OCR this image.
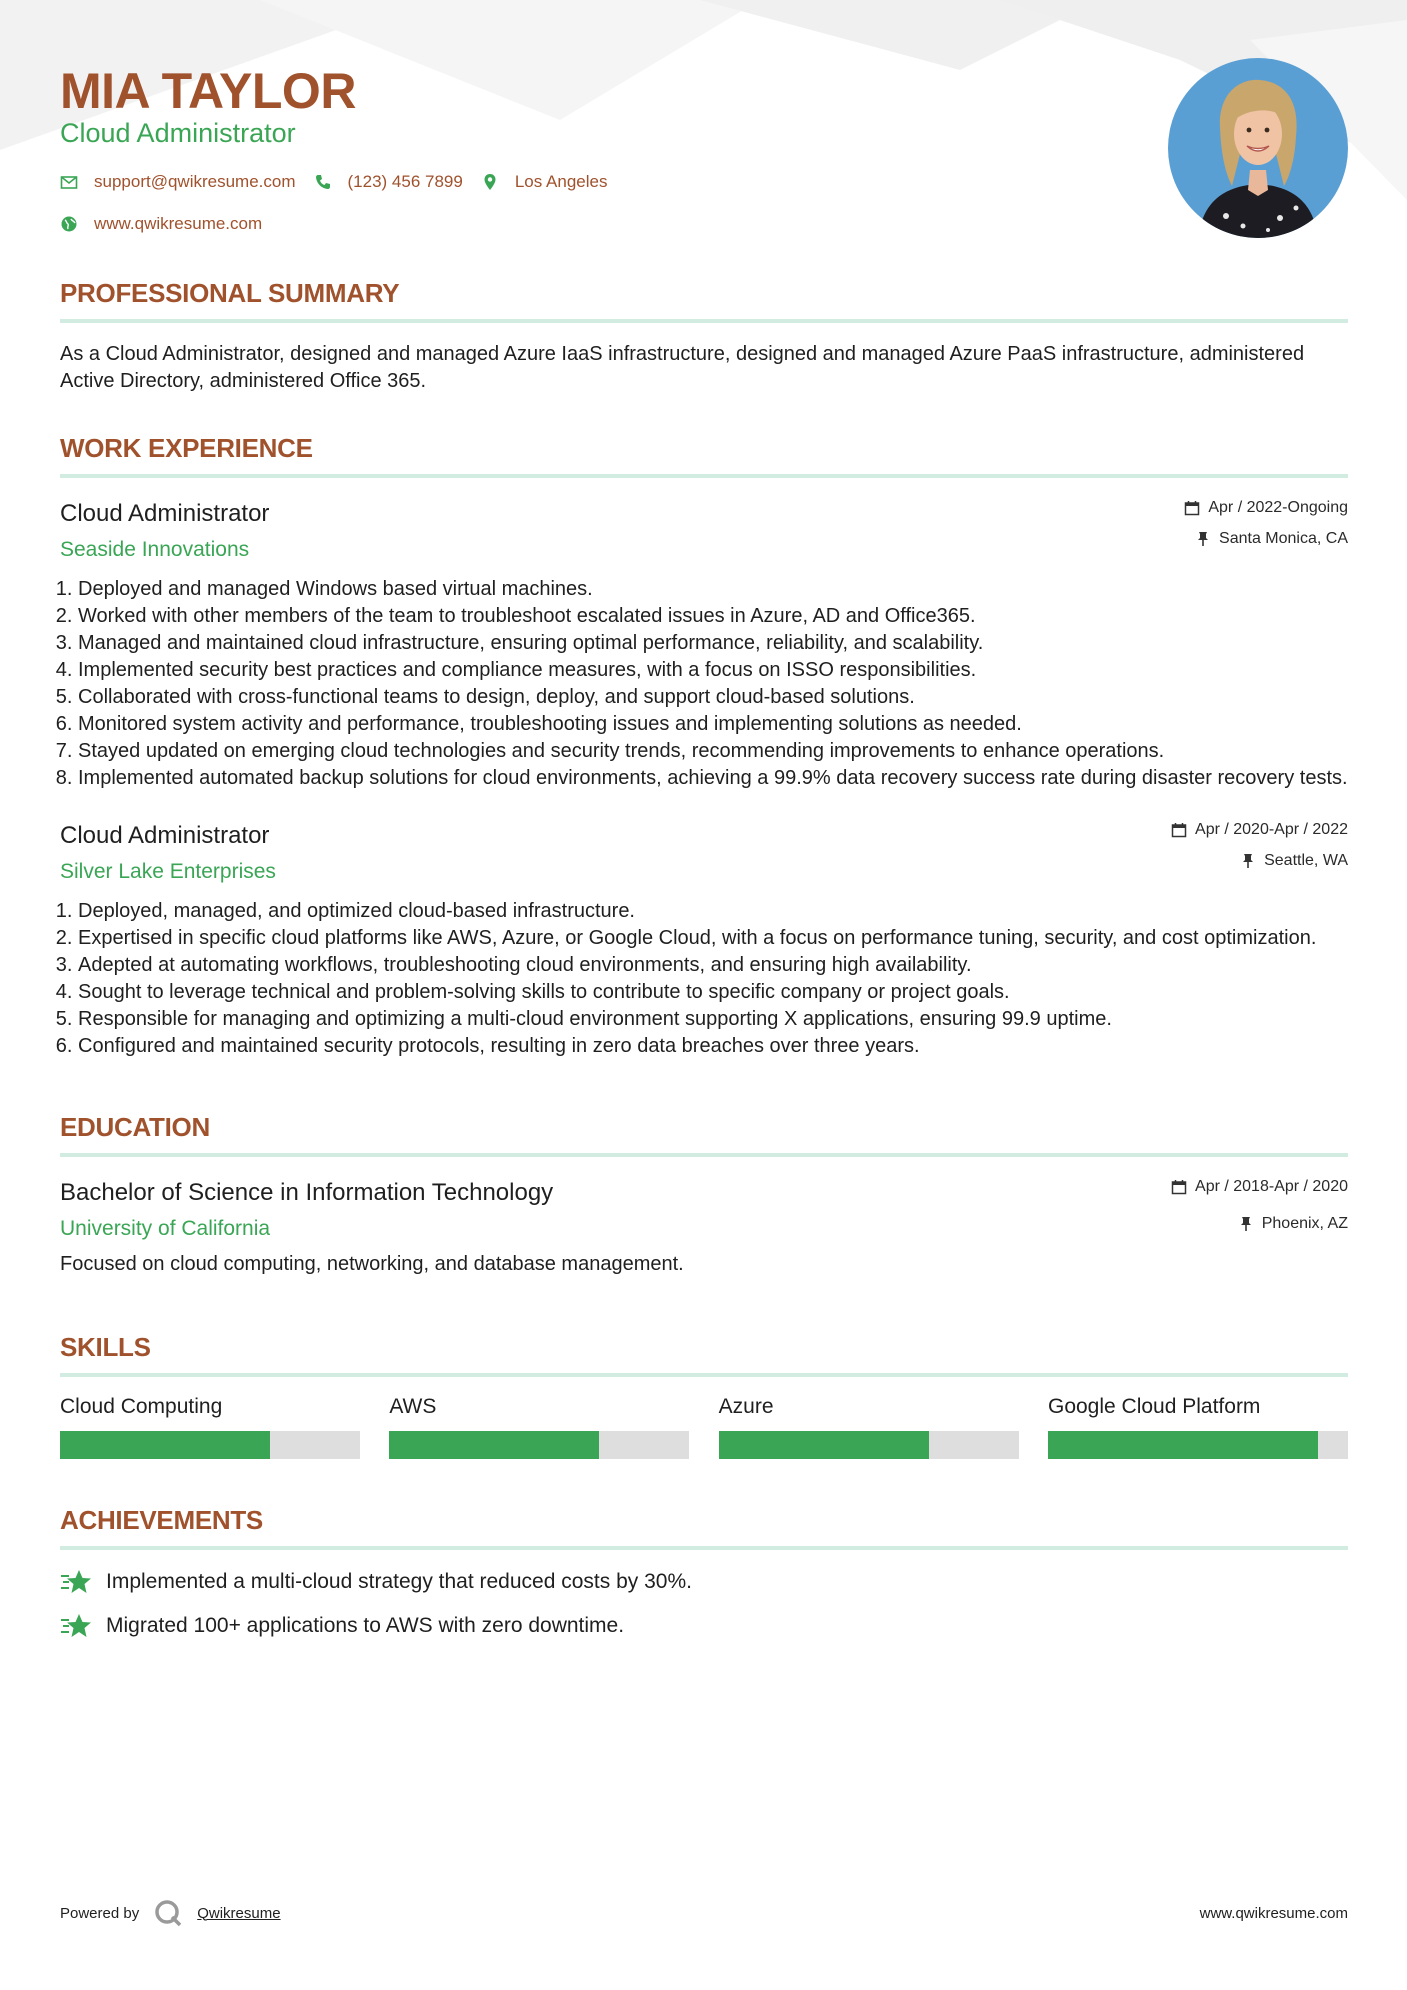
MIA TAYLOR
Cloud Administrator
support@qwikresume.com	(123) 456 7899	Los Angeles
www.qwikresume.com
PROFESSIONAL SUMMARY
As a Cloud Administrator, designed and managed Azure IaaS infrastructure, designed and managed Azure PaaS infrastructure, administered Active Directory, administered Office 365.
WORK EXPERIENCE
Cloud Administrator
Seaside Innovations
Apr / 2022-Ongoing
Santa Monica, CA
1. Deployed and managed Windows based virtual machines.
2. Worked with other members of the team to troubleshoot escalated issues in Azure, AD and Office365.
3. Managed and maintained cloud infrastructure, ensuring optimal performance, reliability, and scalability.
4. Implemented security best practices and compliance measures, with a focus on ISSO responsibilities.
5. Collaborated with cross-functional teams to design, deploy, and support cloud-based solutions.
6. Monitored system activity and performance, troubleshooting issues and implementing solutions as needed.
7. Stayed updated on emerging cloud technologies and security trends, recommending improvements to enhance operations.
8. Implemented automated backup solutions for cloud environments, achieving a 99.9% data recovery success rate during disaster recovery tests.
Cloud Administrator
Silver Lake Enterprises
Apr / 2020-Apr / 2022
Seattle, WA
1. Deployed, managed, and optimized cloud-based infrastructure.
2. Expertised in specific cloud platforms like AWS, Azure, or Google Cloud, with a focus on performance tuning, security, and cost optimization.
3. Adepted at automating workflows, troubleshooting cloud environments, and ensuring high availability.
4. Sought to leverage technical and problem-solving skills to contribute to specific company or project goals.
5. Responsible for managing and optimizing a multi-cloud environment supporting X applications, ensuring 99.9 uptime.
6. Configured and maintained security protocols, resulting in zero data breaches over three years.
EDUCATION
Bachelor of Science in Information Technology
University of California
Apr / 2018-Apr / 2020
Phoenix, AZ
Focused on cloud computing, networking, and database management.
SKILLS
Cloud Computing	AWS	Azure	Google Cloud Platform
ACHIEVEMENTS
Implemented a multi-cloud strategy that reduced costs by 30%.
Migrated 100+ applications to AWS with zero downtime.
Powered by	Qwikresume	www.qwikresume.com
